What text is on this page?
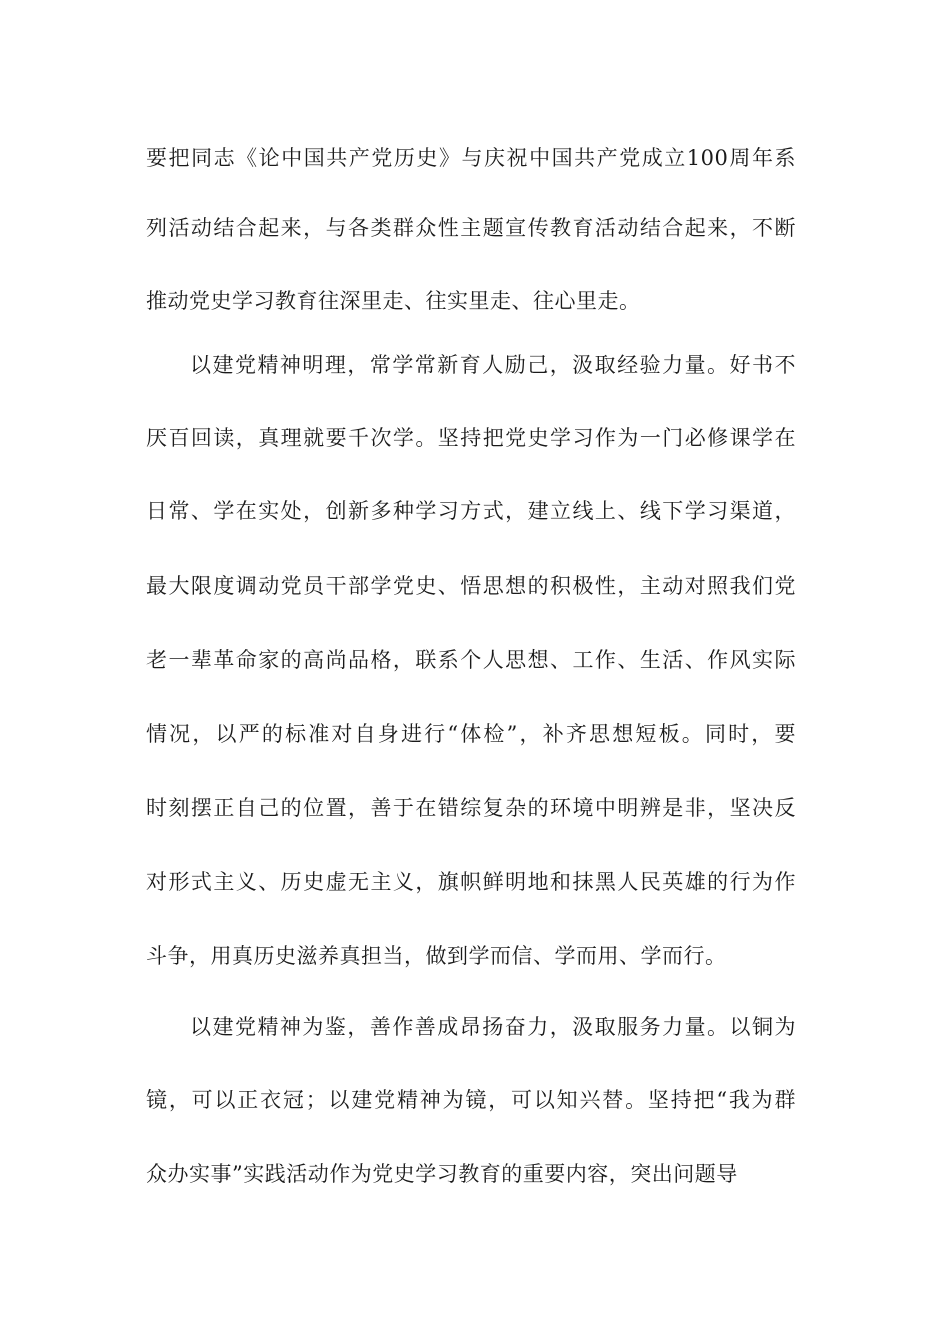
要把同志《论中国共产党历史》与庆祝中国共产党成立100周年系
列活动结合起来，与各类群众性主题宣传教育活动结合起来，不断
推动党史学习教育往深里走、往实里走、往心里走。
以建党精神明理，常学常新育人励己，汲取经验力量。好书不
厌百回读，真理就要千次学。坚持把党史学习作为一门必修课学在
日常、学在实处，创新多种学习方式，建立线上、线下学习渠道，
最大限度调动党员干部学党史、悟思想的积极性，主动对照我们党
老一辈革命家的高尚品格，联系个人思想、工作、生活、作风实际
情况，以严的标准对自身进行“体检”，补齐思想短板。同时，要
时刻摆正自己的位置，善于在错综复杂的环境中明辨是非，坚决反
对形式主义、历史虚无主义，旗帜鲜明地和抹黑人民英雄的行为作
斗争，用真历史滋养真担当，做到学而信、学而用、学而行。
以建党精神为鉴，善作善成昂扬奋力，汲取服务力量。以铜为
镜，可以正衣冠；以建党精神为镜，可以知兴替。坚持把“我为群
众办实事”实践活动作为党史学习教育的重要内容，突出问题导
